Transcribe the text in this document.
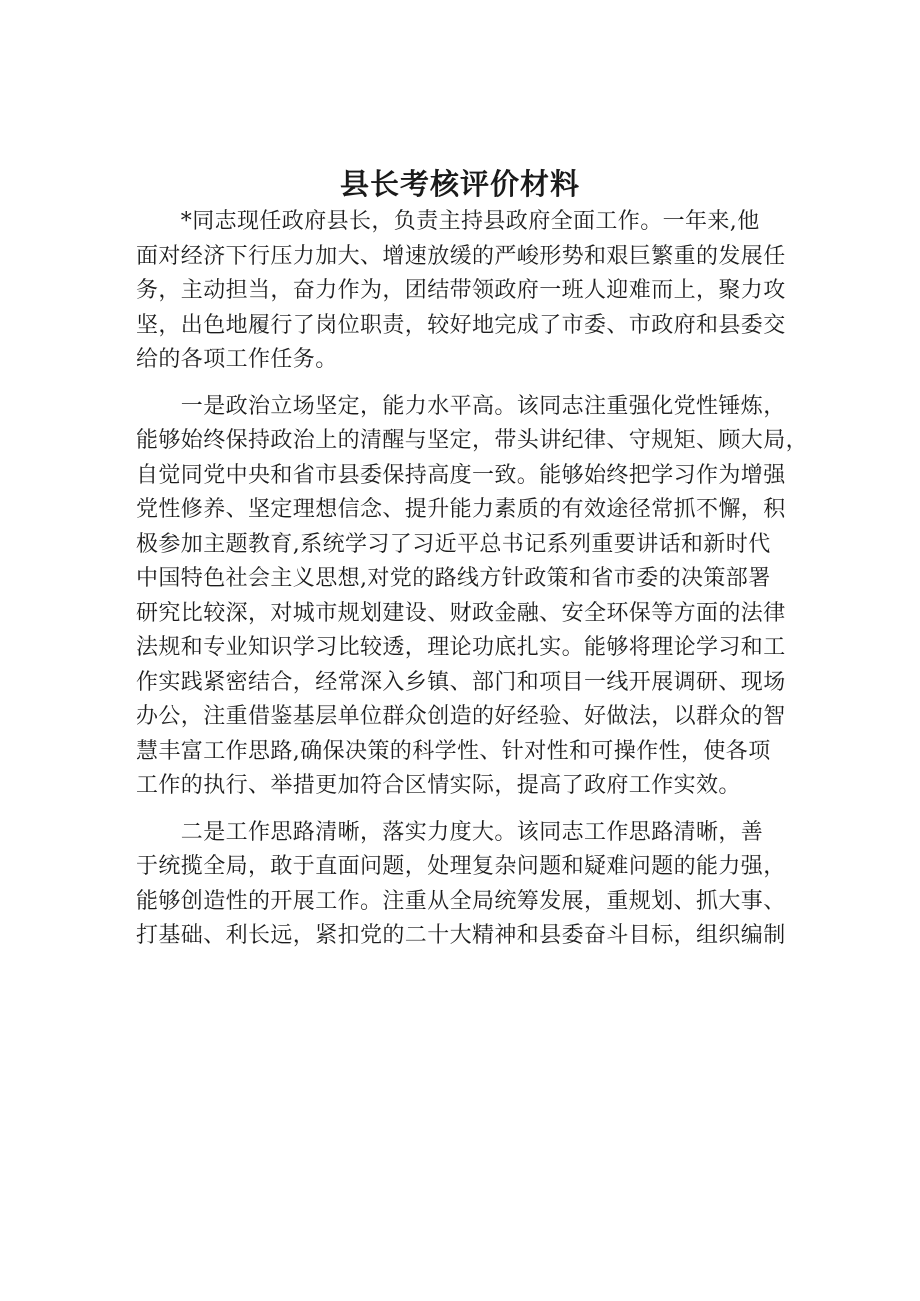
县长考核评价材料

　　*同志现任政府县长，负责主持县政府全面工作。一年来,他
面对经济下行压力加大、增速放缓的严峻形势和艰巨繁重的发展任
务，主动担当，奋力作为，团结带领政府一班人迎难而上，聚力攻
坚，出色地履行了岗位职责，较好地完成了市委、市政府和县委交
给的各项工作任务。

　　一是政治立场坚定，能力水平高。该同志注重强化党性锤炼，
能够始终保持政治上的清醒与坚定，带头讲纪律、守规矩、顾大局，
自觉同党中央和省市县委保持高度一致。能够始终把学习作为增强
党性修养、坚定理想信念、提升能力素质的有效途径常抓不懈，积
极参加主题教育,系统学习了习近平总书记系列重要讲话和新时代
中国特色社会主义思想,对党的路线方针政策和省市委的决策部署
研究比较深，对城市规划建设、财政金融、安全环保等方面的法律
法规和专业知识学习比较透，理论功底扎实。能够将理论学习和工
作实践紧密结合，经常深入乡镇、部门和项目一线开展调研、现场
办公，注重借鉴基层单位群众创造的好经验、好做法，以群众的智
慧丰富工作思路,确保决策的科学性、针对性和可操作性，使各项
工作的执行、举措更加符合区情实际，提高了政府工作实效。

　　二是工作思路清晰，落实力度大。该同志工作思路清晰，善
于统揽全局，敢于直面问题，处理复杂问题和疑难问题的能力强，
能够创造性的开展工作。注重从全局统筹发展，重规划、抓大事、
打基础、利长远，紧扣党的二十大精神和县委奋斗目标，组织编制
